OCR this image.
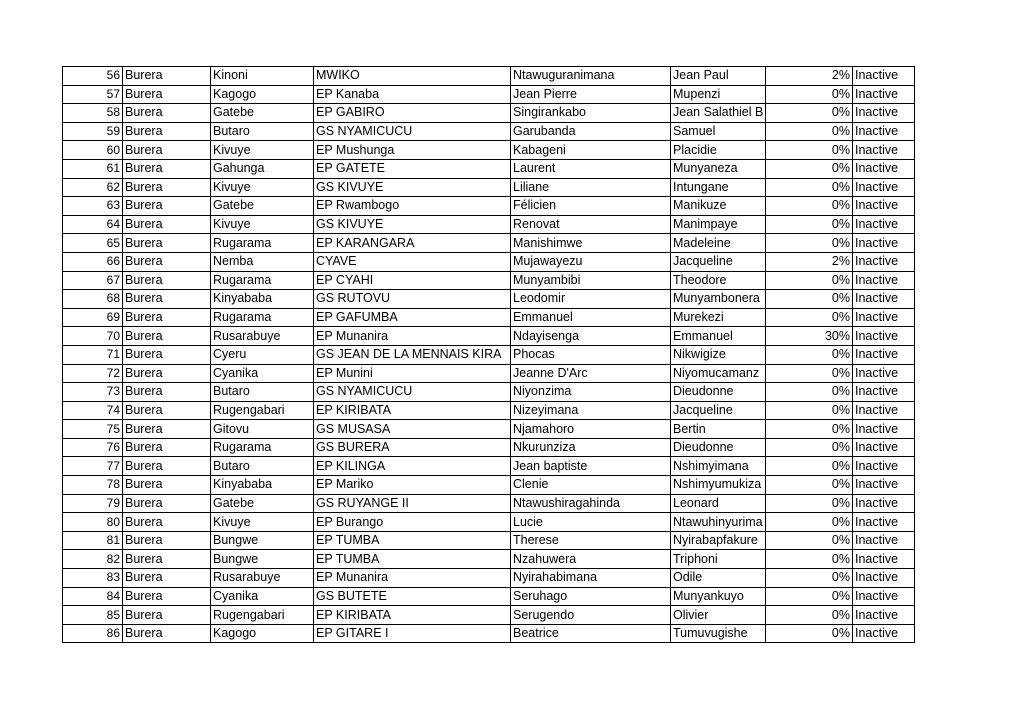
56	Burera	Kinoni	MWIKO	Ntawuguranimana	Jean Paul	2%	Inactive
57	Burera	Kagogo	EP Kanaba	Jean Pierre	Mupenzi	0%	Inactive
58	Burera	Gatebe	EP GABIRO	Singirankabo	Jean Salathiel B	0%	Inactive
59	Burera	Butaro	GS NYAMICUCU	Garubanda	Samuel	0%	Inactive
60	Burera	Kivuye	EP Mushunga	Kabageni	Placidie	0%	Inactive
61	Burera	Gahunga	EP GATETE	Laurent	Munyaneza	0%	Inactive
62	Burera	Kivuye	GS KIVUYE	Liliane	Intungane	0%	Inactive
63	Burera	Gatebe	EP Rwambogo	Félicien	Manikuze	0%	Inactive
64	Burera	Kivuye	GS KIVUYE	Renovat	Manimpaye	0%	Inactive
65	Burera	Rugarama	EP KARANGARA	Manishimwe	Madeleine	0%	Inactive
66	Burera	Nemba	CYAVE	Mujawayezu	Jacqueline	2%	Inactive
67	Burera	Rugarama	EP CYAHI	Munyambibi	Theodore	0%	Inactive
68	Burera	Kinyababa	GS RUTOVU	Leodomir	Munyambonera	0%	Inactive
69	Burera	Rugarama	EP GAFUMBA	Emmanuel	Murekezi	0%	Inactive
70	Burera	Rusarabuye	EP Munanira	Ndayisenga	Emmanuel	30%	Inactive
71	Burera	Cyeru	GS JEAN DE LA MENNAIS KIRA	Phocas	Nikwigize	0%	Inactive
72	Burera	Cyanika	EP Munini	Jeanne D'Arc	Niyomucamanz	0%	Inactive
73	Burera	Butaro	GS NYAMICUCU	Niyonzima	Dieudonne	0%	Inactive
74	Burera	Rugengabari	EP KIRIBATA	Nizeyimana	Jacqueline	0%	Inactive
75	Burera	Gitovu	GS MUSASA	Njamahoro	Bertin	0%	Inactive
76	Burera	Rugarama	GS BURERA	Nkurunziza	Dieudonne	0%	Inactive
77	Burera	Butaro	EP KILINGA	Jean baptiste	Nshimyimana	0%	Inactive
78	Burera	Kinyababa	EP Mariko	Clenie	Nshimyumukiza	0%	Inactive
79	Burera	Gatebe	GS RUYANGE II	Ntawushiragahinda	Leonard	0%	Inactive
80	Burera	Kivuye	EP Burango	Lucie	Ntawuhinyurima	0%	Inactive
81	Burera	Bungwe	EP TUMBA	Therese	Nyirabapfakure	0%	Inactive
82	Burera	Bungwe	EP TUMBA	Nzahuwera	Triphoni	0%	Inactive
83	Burera	Rusarabuye	EP Munanira	Nyirahabimana	Odile	0%	Inactive
84	Burera	Cyanika	GS BUTETE	Seruhago	Munyankuyo	0%	Inactive
85	Burera	Rugengabari	EP KIRIBATA	Serugendo	Olivier	0%	Inactive
86	Burera	Kagogo	EP GITARE I	Beatrice	Tumuvugishe	0%	Inactive
